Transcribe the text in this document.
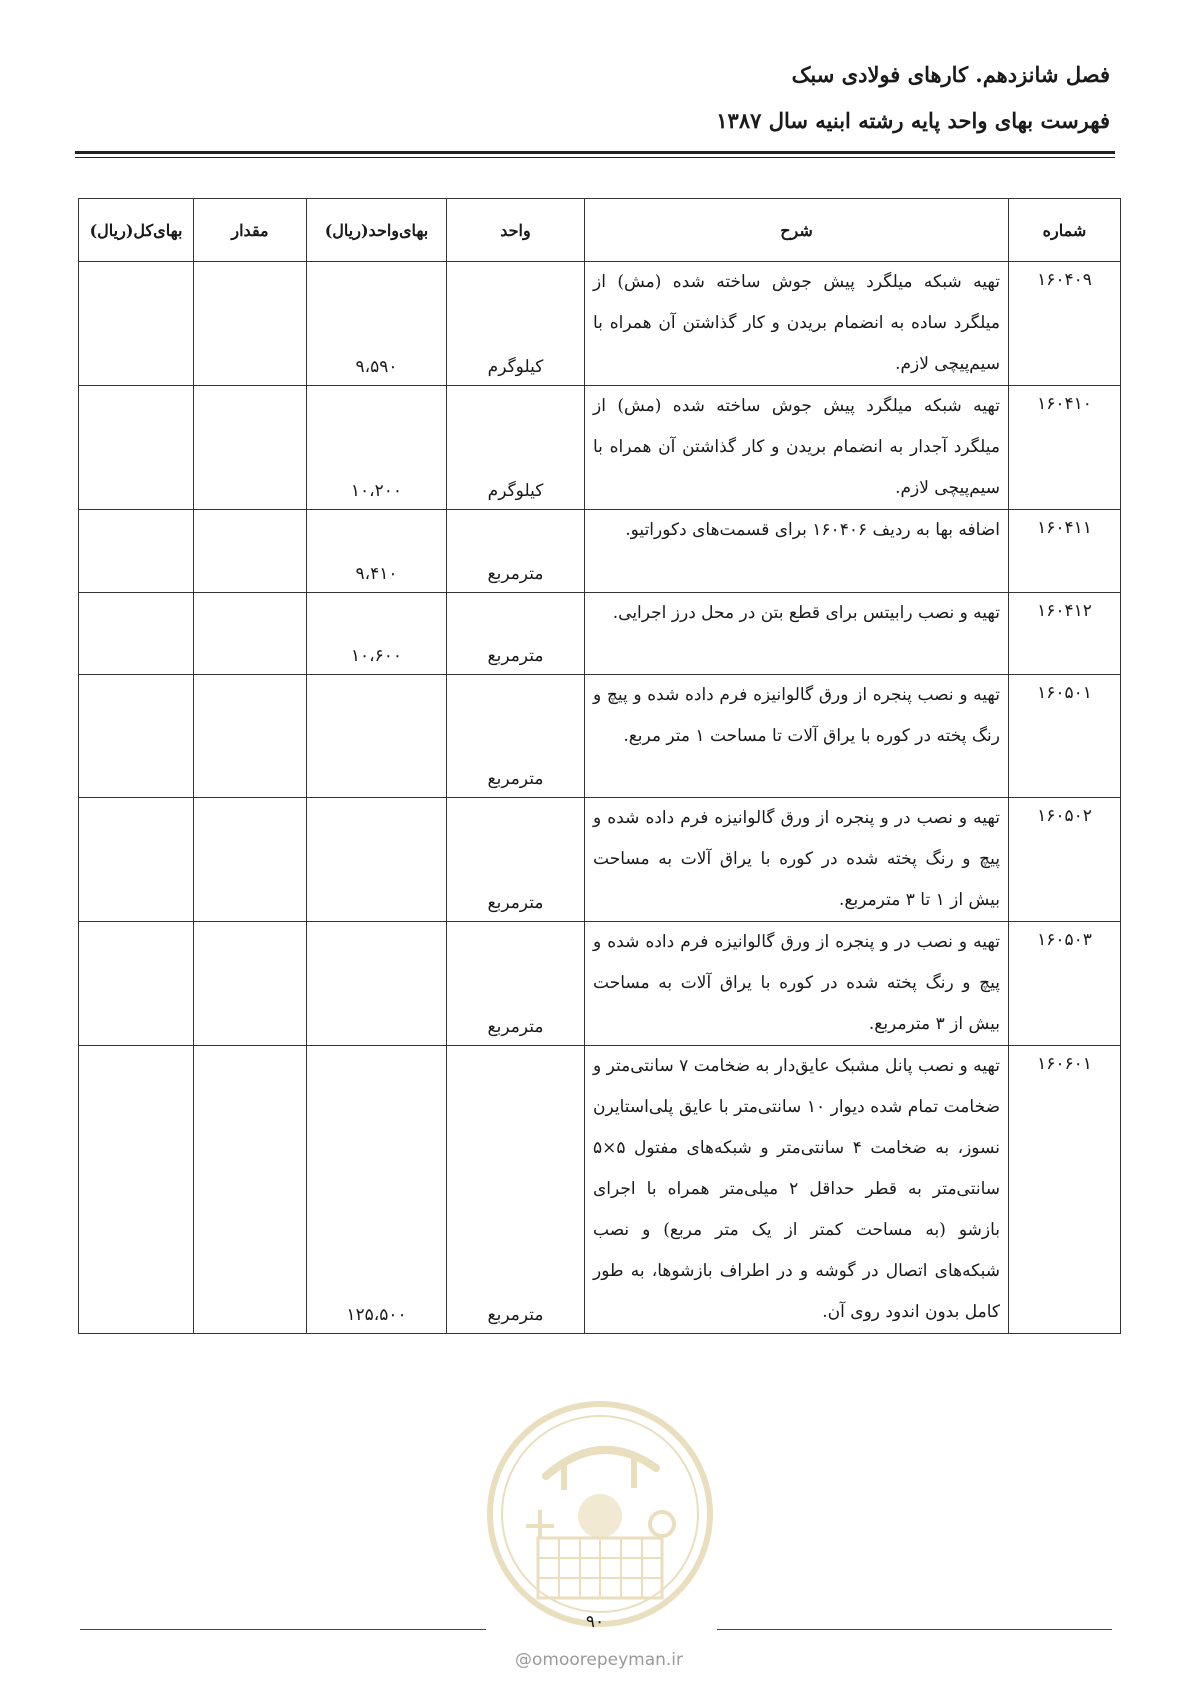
فصل شانزدهم. کارهای فولادی سبک
فهرست بهای واحد پایه رشته ابنیه سال ۱۳۸۷
شماره	شرح	واحد	بهای‌واحد(ریال)	مقدار	بهای‌کل(ریال)
۱۶۰۴۰۹	تهیه شبکه میلگرد پیش جوش ساخته شده (مش) از میلگرد ساده به انضمام بریدن و کار گذاشتن آن همراه با سیم‌پیچی لازم.	کیلوگرم	۹،۵۹۰		
۱۶۰۴۱۰	تهیه شبکه میلگرد پیش جوش ساخته شده (مش) از میلگرد آجدار به انضمام بریدن و کار گذاشتن آن همراه با سیم‌پیچی لازم.	کیلوگرم	۱۰،۲۰۰		
۱۶۰۴۱۱	اضافه بها به ردیف ۱۶۰۴۰۶ برای قسمت‌های دکوراتیو.	مترمربع	۹،۴۱۰		
۱۶۰۴۱۲	تهیه و نصب رابیتس برای قطع بتن در محل درز اجرایی.	مترمربع	۱۰،۶۰۰		
۱۶۰۵۰۱	تهیه و نصب پنجره از ورق گالوانیزه فرم داده شده و پیچ و رنگ پخته در کوره با یراق آلات تا مساحت ۱ متر مربع.	مترمربع			
۱۶۰۵۰۲	تهیه و نصب در و پنجره از ورق گالوانیزه فرم داده شده و پیچ و رنگ پخته شده در کوره با یراق آلات به مساحت بیش از ۱ تا ۳ مترمربع.	مترمربع			
۱۶۰۵۰۳	تهیه و نصب در و پنجره از ورق گالوانیزه فرم داده شده و پیچ و رنگ پخته شده در کوره با یراق آلات به مساحت بیش از ۳ مترمربع.	مترمربع			
۱۶۰۶۰۱	تهیه و نصب پانل مشبک عایق‌دار به ضخامت ۷ سانتی‌متر و ضخامت تمام شده دیوار ۱۰ سانتی‌متر با عایق پلی‌استایرن نسوز، به ضخامت ۴ سانتی‌متر و شبکه‌های مفتول ۵×۵ سانتی‌متر به قطر حداقل ۲ میلی‌متر همراه با اجرای بازشو (به مساحت کمتر از یک متر مربع) و نصب شبکه‌های اتصال در گوشه و در اطراف بازشوها، به طور کامل بدون اندود روی آن.	مترمربع	۱۲۵،۵۰۰		
۹۰
@omoorepeyman.ir
